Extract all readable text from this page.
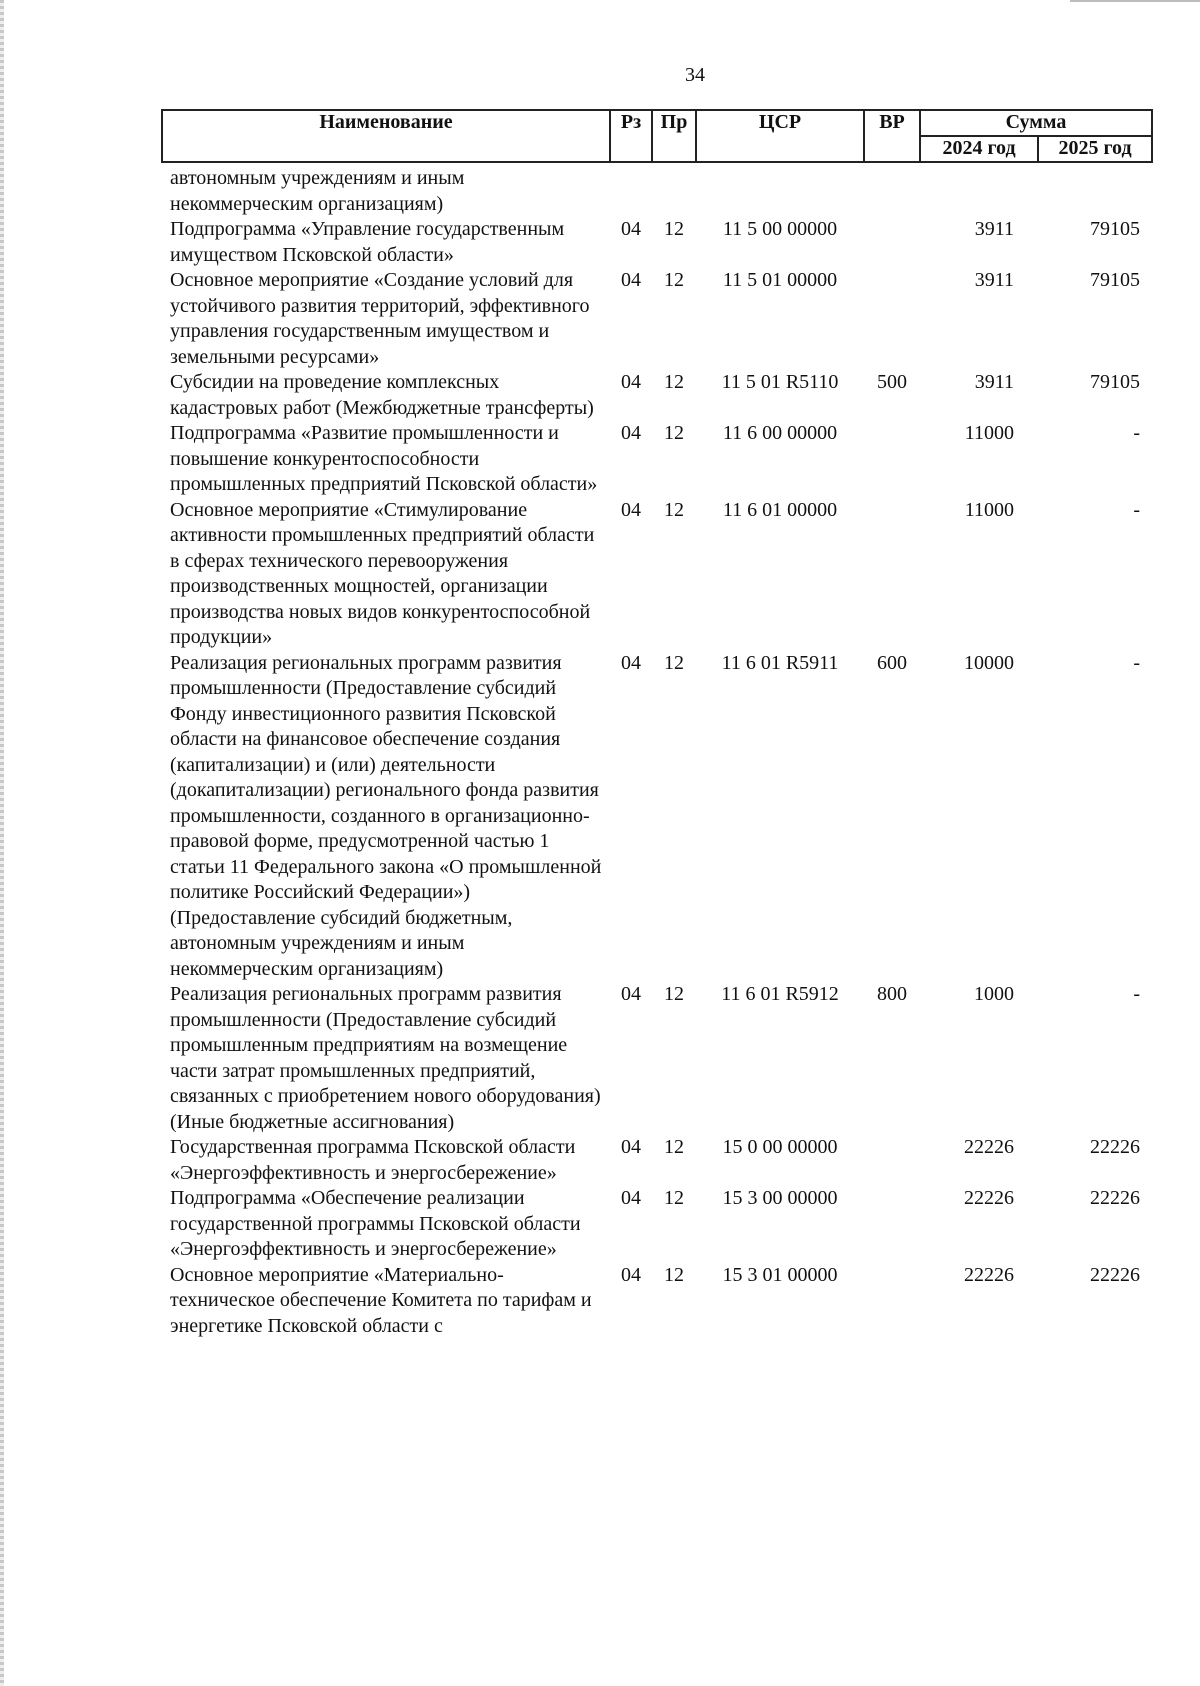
34
Наименование	Рз	Пр	ЦСР	ВР	Сумма	
					2024 год	2025 год
автономным учреждениям и иным некоммерческим организациям)						
Подпрограмма «Управление государственным имуществом Псковской области»	04	12	11 5 00 00000		3911	79105
Основное мероприятие «Создание условий для устойчивого развития территорий, эффективного управления государственным имуществом и земельными ресурсами»	04	12	11 5 01 00000		3911	79105
Субсидии на проведение комплексных кадастровых работ (Межбюджетные трансферты)	04	12	11 5 01 R5110	500	3911	79105
Подпрограмма «Развитие промышленности и повышение конкурентоспособности промышленных предприятий Псковской области»	04	12	11 6 00 00000		11000	-
Основное мероприятие «Стимулирование активности промышленных предприятий области в сферах технического перевооружения производственных мощностей, организации производства новых видов конкурентоспособной продукции»	04	12	11 6 01 00000		11000	-
Реализация региональных программ развития промышленности (Предоставление субсидий Фонду инвестиционного развития Псковской области на финансовое обеспечение создания (капитализации) и (или) деятельности (докапитализации) регионального фонда развития промышленности, созданного в организационно-правовой форме, предусмотренной частью 1 статьи 11 Федерального закона «О промышленной политике Российский Федерации») (Предоставление субсидий бюджетным, автономным учреждениям и иным некоммерческим организациям)	04	12	11 6 01 R5911	600	10000	-
Реализация региональных программ развития промышленности (Предоставление субсидий промышленным предприятиям на возмещение части затрат промышленных предприятий, связанных с приобретением нового оборудования) (Иные бюджетные ассигнования)	04	12	11 6 01 R5912	800	1000	-
Государственная программа Псковской области «Энергоэффективность и энергосбережение»	04	12	15 0 00 00000		22226	22226
Подпрограмма «Обеспечение реализации государственной программы Псковской области «Энергоэффективность и энергосбережение»	04	12	15 3 00 00000		22226	22226
Основное мероприятие «Материально-техническое обеспечение Комитета по тарифам и энергетике Псковской области с	04	12	15 3 01 00000		22226	22226
